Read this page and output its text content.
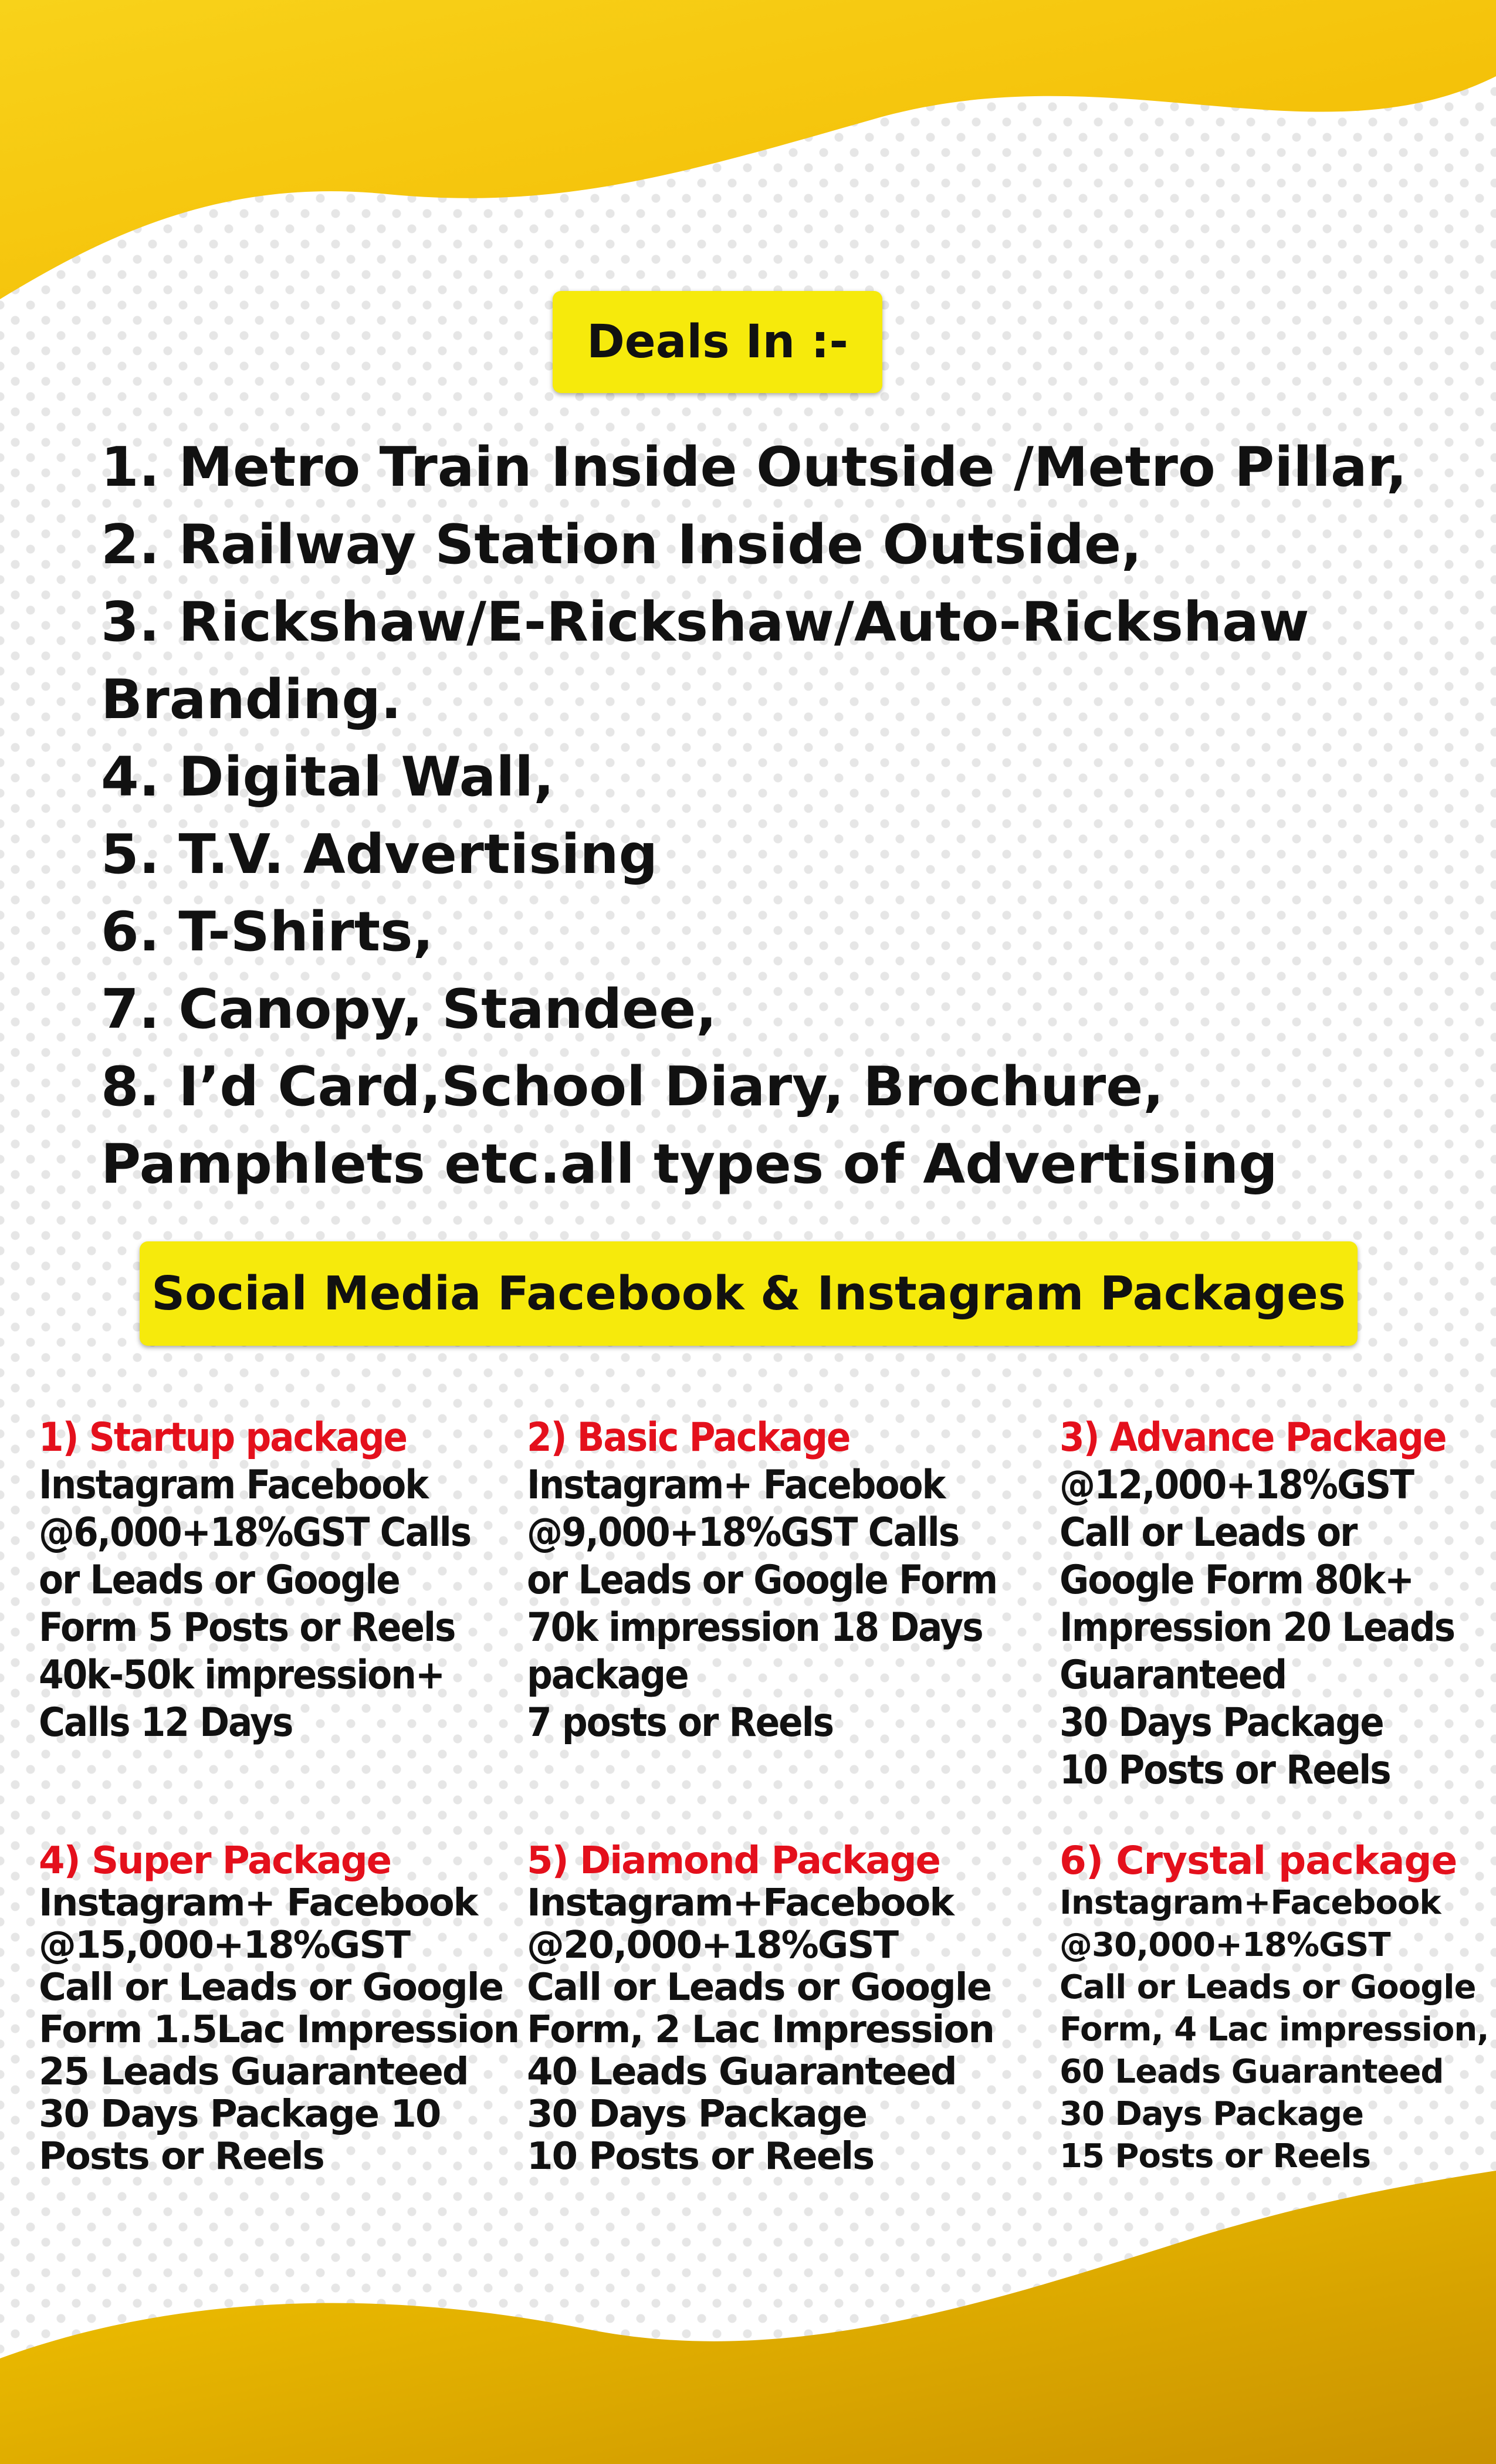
Deals In :-
1. Metro Train Inside Outside /Metro Pillar,
2. Railway Station Inside Outside,
3. Rickshaw/E-Rickshaw/Auto-Rickshaw
Branding.
4. Digital Wall,
5. T.V. Advertising
6. T-Shirts,
7. Canopy, Standee,
8. I’d Card,School Diary, Brochure,
Pamphlets etc.all types of Advertising
Social Media Facebook & Instagram Packages
1) Startup package
Instagram Facebook
@6,000+18%GST Calls
or Leads or Google
Form 5 Posts or Reels
40k-50k impression+
Calls 12 Days
2) Basic Package
Instagram+ Facebook
@9,000+18%GST Calls
or Leads or Google Form
70k impression 18 Days
package
7 posts or Reels
3) Advance Package
@12,000+18%GST
Call or Leads or
Google Form 80k+
Impression 20 Leads
Guaranteed
30 Days Package
10 Posts or Reels
4) Super Package
Instagram+ Facebook
@15,000+18%GST
Call or Leads or Google
Form 1.5Lac Impression
25 Leads Guaranteed
30 Days Package 10
Posts or Reels
5) Diamond Package
Instagram+Facebook
@20,000+18%GST
Call or Leads or Google
Form, 2 Lac Impression
40 Leads Guaranteed
30 Days Package
10 Posts or Reels
6) Crystal package
Instagram+Facebook
@30,000+18%GST
Call or Leads or Google
Form, 4 Lac impression,
60 Leads Guaranteed
30 Days Package
15 Posts or Reels
